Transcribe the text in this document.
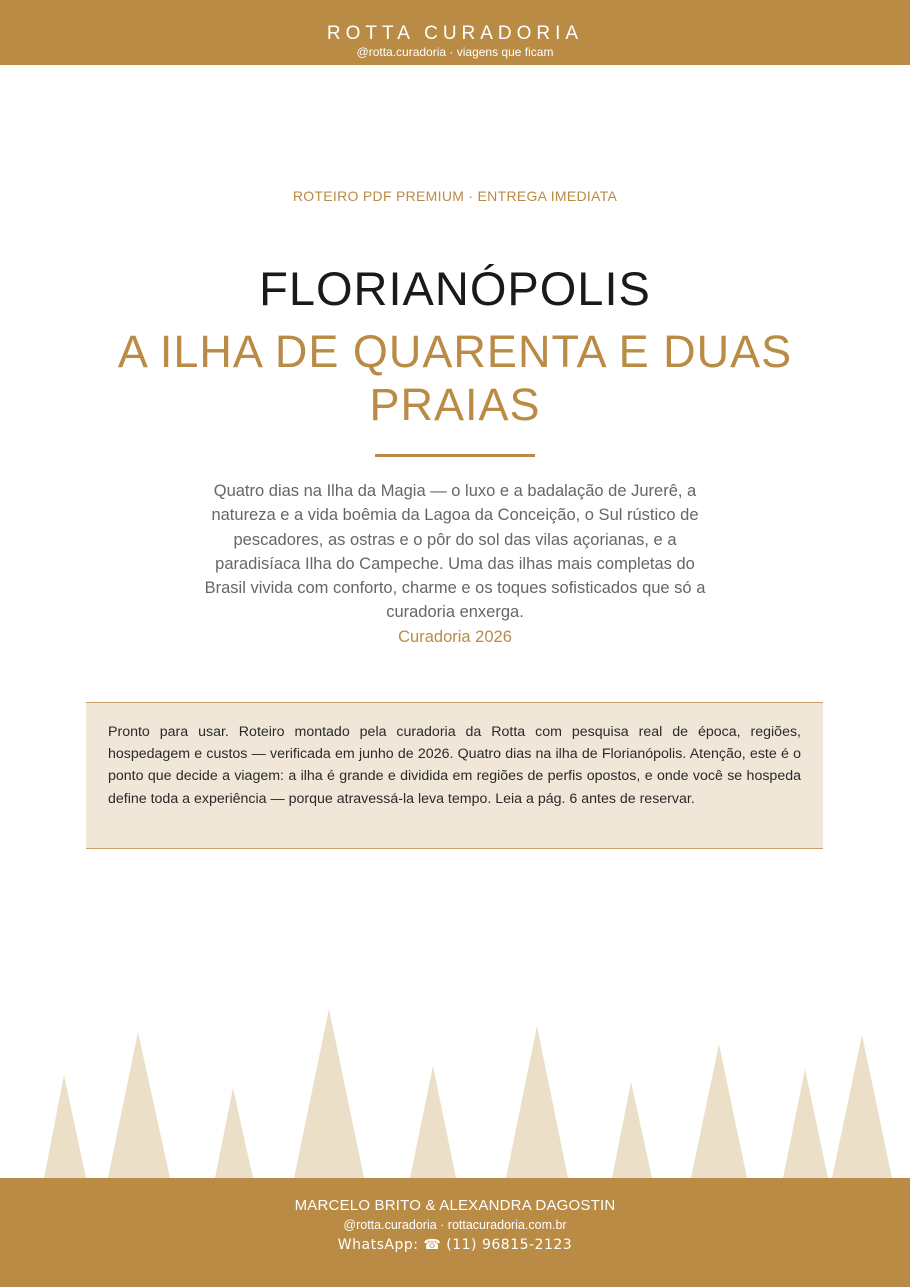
ROTTA CURADORIA
@rotta.curadoria · viagens que ficam
ROTEIRO PDF PREMIUM · ENTREGA IMEDIATA
FLORIANÓPOLIS
A ILHA DE QUARENTA E DUAS PRAIAS
Quatro dias na Ilha da Magia — o luxo e a badalação de Jurerê, a natureza e a vida boêmia da Lagoa da Conceição, o Sul rústico de pescadores, as ostras e o pôr do sol das vilas açorianas, e a paradisíaca Ilha do Campeche. Uma das ilhas mais completas do Brasil vivida com conforto, charme e os toques sofisticados que só a curadoria enxerga.
Curadoria 2026

Pronto para usar. Roteiro montado pela curadoria da Rotta com pesquisa real de época, regiões, hospedagem e custos — verificada em junho de 2026. Quatro dias na ilha de Florianópolis. Atenção, este é o ponto que decide a viagem: a ilha é grande e dividida em regiões de perfis opostos, e onde você se hospeda define toda a experiência — porque atravessá-la leva tempo. Leia a pág. 6 antes de reservar.

MARCELO BRITO & ALEXANDRA DAGOSTIN
@rotta.curadoria · rottacuradoria.com.br
WhatsApp: ☎ (11) 96815-2123
